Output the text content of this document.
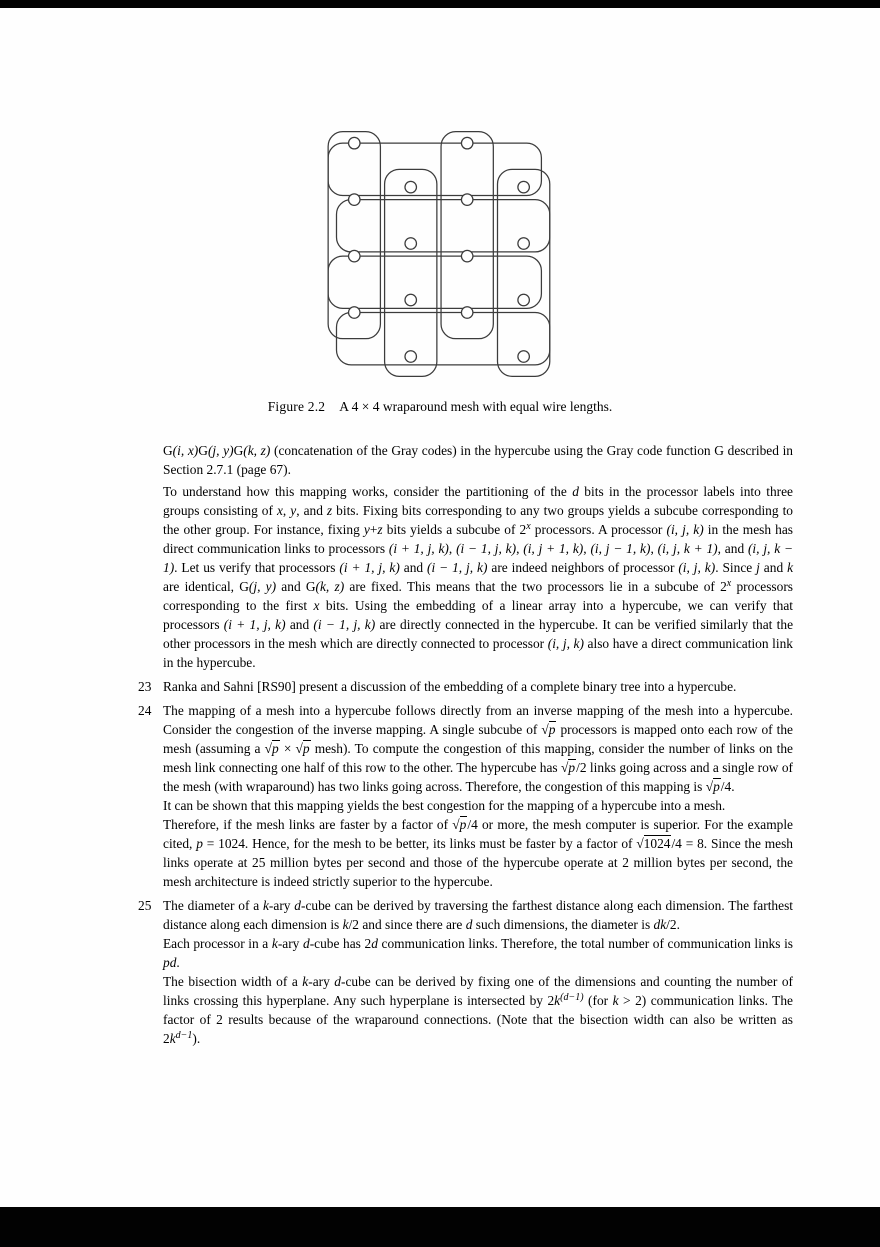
Figure 2.2 A 4 × 4 wraparound mesh with equal wire lengths.

G(i, x)G(j, y)G(k, z) (concatenation of the Gray codes) in the hypercube using the Gray code function G described in Section 2.7.1 (page 67).

To understand how this mapping works, consider the partitioning of the d bits in the processor labels into three groups consisting of x, y, and z bits. Fixing bits corresponding to any two groups yields a subcube corresponding to the other group. For instance, fixing y+z bits yields a subcube of 2$^x$ processors. A processor (i, j, k) in the mesh has direct communication links to processors (i + 1, j, k), (i − 1, j, k), (i, j + 1, k), (i, j − 1, k), (i, j, k + 1), and (i, j, k − 1). Let us verify that processors (i + 1, j, k) and (i − 1, j, k) are indeed neighbors of processor (i, j, k). Since j and k are identical, G(j, y) and G(k, z) are fixed. This means that the two processors lie in a subcube of 2$^x$ processors corresponding to the first x bits. Using the embedding of a linear array into a hypercube, we can verify that processors (i + 1, j, k) and (i − 1, j, k) are directly connected in the hypercube. It can be verified similarly that the other processors in the mesh which are directly connected to processor (i, j, k) also have a direct communication link in the hypercube.

23 Ranka and Sahni [RS90] present a discussion of the embedding of a complete binary tree into a hypercube.

24 The mapping of a mesh into a hypercube follows directly from an inverse mapping of the mesh into a hypercube. Consider the congestion of the inverse mapping. A single subcube of √p processors is mapped onto each row of the mesh (assuming a √p × √p mesh). To compute the congestion of this mapping, consider the number of links on the mesh link connecting one half of this row to the other. The hypercube has √p/2 links going across and a single row of the mesh (with wraparound) has two links going across. Therefore, the congestion of this mapping is √p/4.

It can be shown that this mapping yields the best congestion for the mapping of a hypercube into a mesh.

Therefore, if the mesh links are faster by a factor of √p/4 or more, the mesh computer is superior. For the example cited, p = 1024. Hence, for the mesh to be better, its links must be faster by a factor of √1024/4 = 8. Since the mesh links operate at 25 million bytes per second and those of the hypercube operate at 2 million bytes per second, the mesh architecture is indeed strictly superior to the hypercube.

25 The diameter of a k-ary d-cube can be derived by traversing the farthest distance along each dimension. The farthest distance along each dimension is k/2 and since there are d such dimensions, the diameter is dk/2.

Each processor in a k-ary d-cube has 2d communication links. Therefore, the total number of communication links is pd.

The bisection width of a k-ary d-cube can be derived by fixing one of the dimensions and counting the number of links crossing this hyperplane. Any such hyperplane is intersected by $2k^{(d-1)}$ (for k > 2) communication links. The factor of 2 results because of the wraparound connections. (Note that the bisection width can also be written as $2k^{d-1}$).
